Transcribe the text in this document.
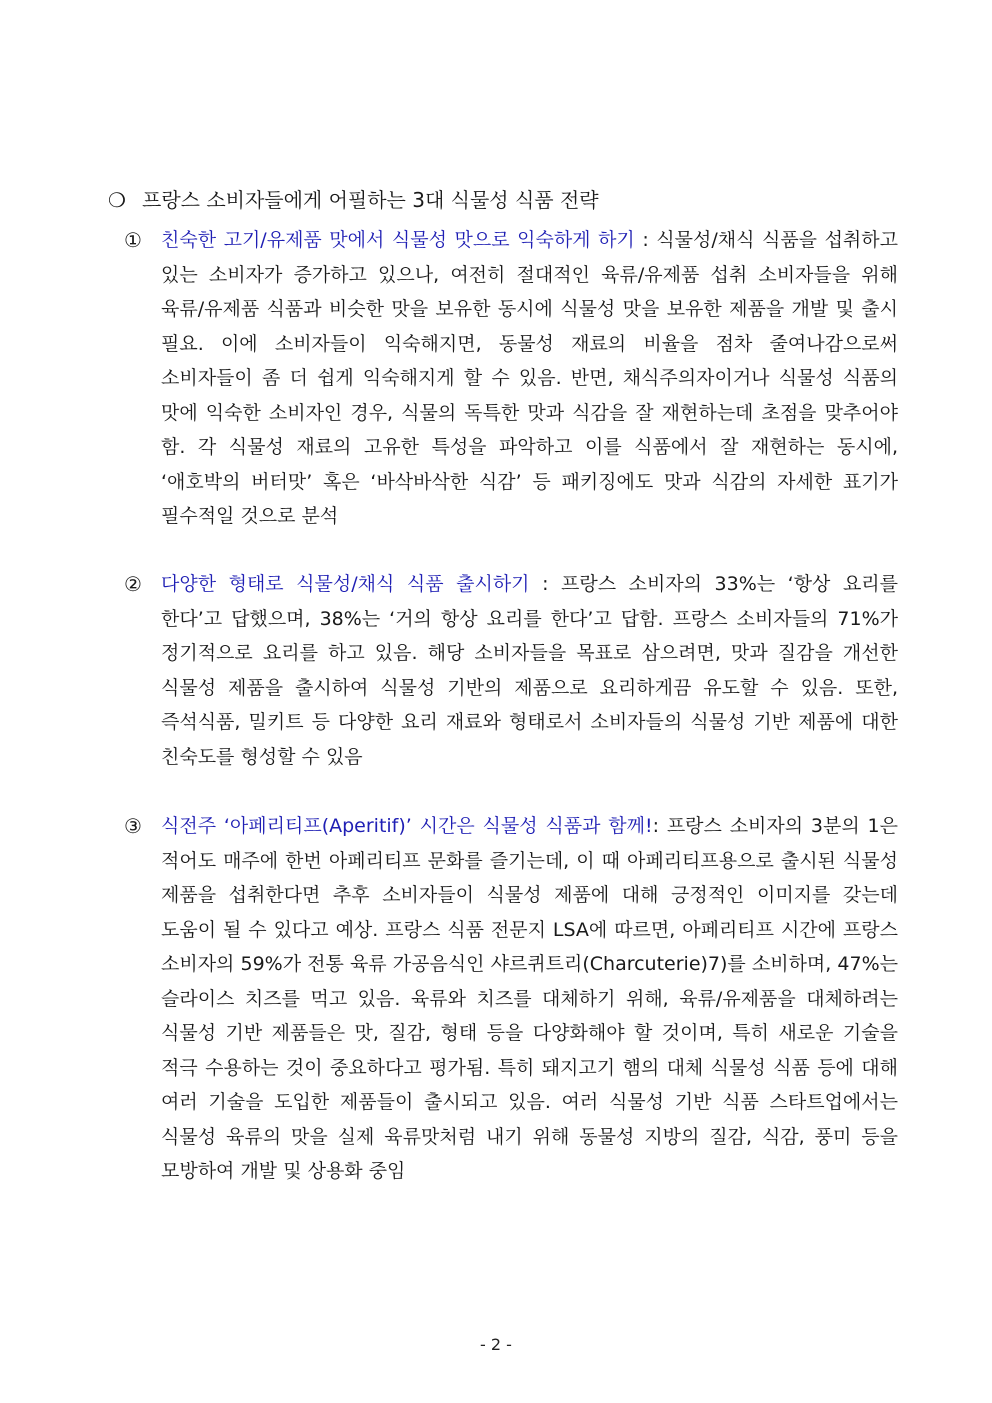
❍ 프랑스 소비자들에게 어필하는 3대 식물성 식품 전략
① 친숙한 고기/유제품 맛에서 식물성 맛으로 익숙하게 하기 : 식물성/채식 식품을 섭취하고 있는 소비자가 증가하고 있으나, 여전히 절대적인 육류/유제품 섭취 소비자들을 위해 육류/유제품 식품과 비슷한 맛을 보유한 동시에 식물성 맛을 보유한 제품을 개발 및 출시 필요. 이에 소비자들이 익숙해지면, 동물성 재료의 비율을 점차 줄여나감으로써 소비자들이 좀 더 쉽게 익숙해지게 할 수 있음. 반면, 채식주의자이거나 식물성 식품의 맛에 익숙한 소비자인 경우, 식물의 독특한 맛과 식감을 잘 재현하는데 초점을 맞추어야 함. 각 식물성 재료의 고유한 특성을 파악하고 이를 식품에서 잘 재현하는 동시에, ‘애호박의 버터맛’ 혹은 ‘바삭바삭한 식감’ 등 패키징에도 맛과 식감의 자세한 표기가 필수적일 것으로 분석
② 다양한 형태로 식물성/채식 식품 출시하기 : 프랑스 소비자의 33%는 ‘항상 요리를 한다’고 답했으며, 38%는 ‘거의 항상 요리를 한다’고 답함. 프랑스 소비자들의 71%가 정기적으로 요리를 하고 있음. 해당 소비자들을 목표로 삼으려면, 맛과 질감을 개선한 식물성 제품을 출시하여 식물성 기반의 제품으로 요리하게끔 유도할 수 있음. 또한, 즉석식품, 밀키트 등 다양한 요리 재료와 형태로서 소비자들의 식물성 기반 제품에 대한 친숙도를 형성할 수 있음
③ 식전주 ‘아페리티프(Aperitif)’ 시간은 식물성 식품과 함께!: 프랑스 소비자의 3분의 1은 적어도 매주에 한번 아페리티프 문화를 즐기는데, 이 때 아페리티프용으로 출시된 식물성 제품을 섭취한다면 추후 소비자들이 식물성 제품에 대해 긍정적인 이미지를 갖는데 도움이 될 수 있다고 예상. 프랑스 식품 전문지 LSA에 따르면, 아페리티프 시간에 프랑스 소비자의 59%가 전통 육류 가공음식인 샤르퀴트리(Charcuterie)7)를 소비하며, 47%는 슬라이스 치즈를 먹고 있음. 육류와 치즈를 대체하기 위해, 육류/유제품을 대체하려는 식물성 기반 제품들은 맛, 질감, 형태 등을 다양화해야 할 것이며, 특히 새로운 기술을 적극 수용하는 것이 중요하다고 평가됨. 특히 돼지고기 햄의 대체 식물성 식품 등에 대해 여러 기술을 도입한 제품들이 출시되고 있음. 여러 식물성 기반 식품 스타트업에서는 식물성 육류의 맛을 실제 육류맛처럼 내기 위해 동물성 지방의 질감, 식감, 풍미 등을 모방하여 개발 및 상용화 중임
- 2 -
